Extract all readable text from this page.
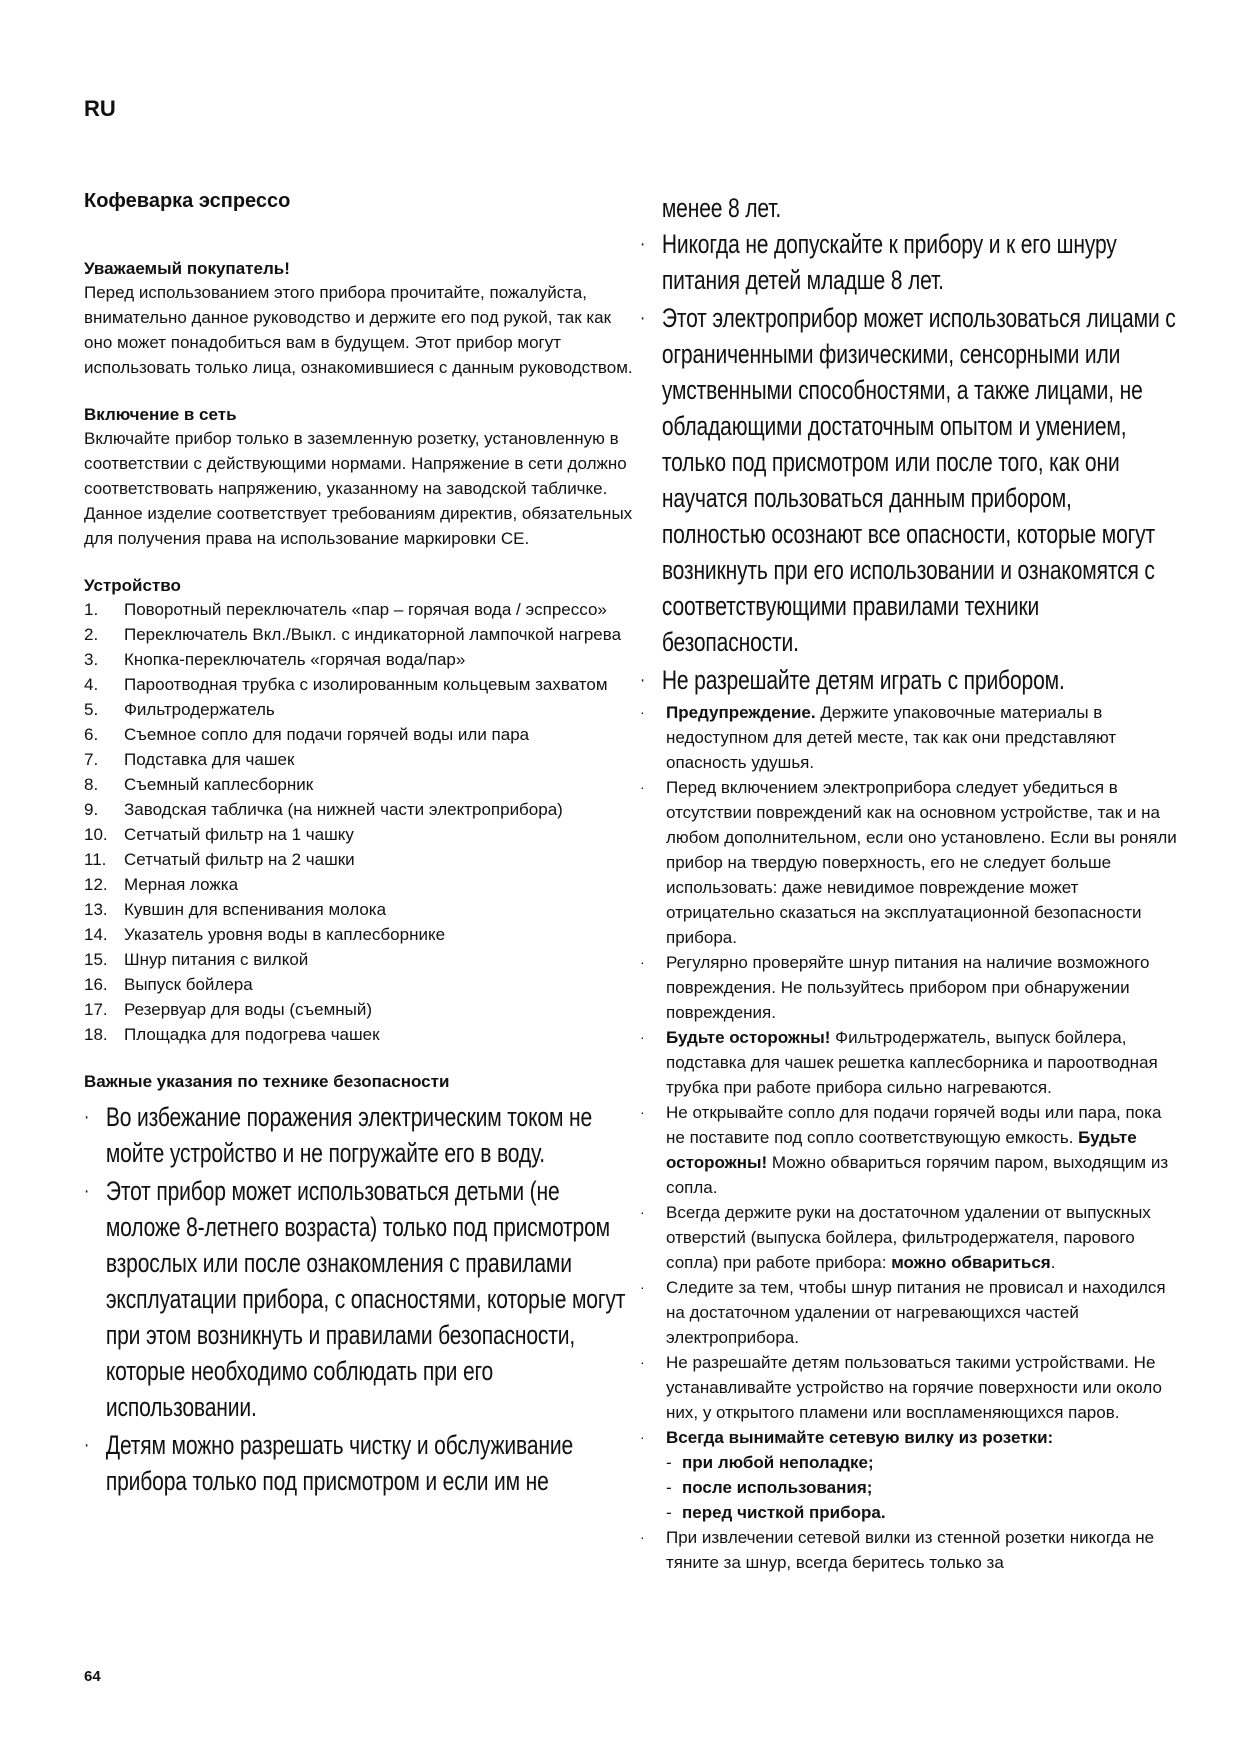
RU
Кофеварка эспрессо
Уважаемый покупатель!
Перед использованием этого прибора прочитайте, пожалуйста, внимательно данное руководство и держите его под рукой, так как оно может понадобиться вам в будущем. Этот прибор могут использовать только лица, ознакомившиеся с данным руководством.
Включение в сеть
Включайте прибор только в заземленную розетку, установленную в соответствии с действующими нормами. Напряжение в сети должно соответствовать напряжению, указанному на заводской табличке.
Данное изделие соответствует требованиям директив, обязательных для получения права на использование маркировки CE.
Устройство
1.	Поворотный переключатель «пар – горячая вода / эспрессо»
2.	Переключатель Вкл./Выкл. с индикаторной лампочкой нагрева
3.	Кнопка-переключатель «горячая вода/пар»
4.	Пароотводная трубка с изолированным кольцевым захватом
5.	Фильтродержатель
6.	Съемное сопло для подачи горячей воды или пара
7.	Подставка для чашек
8.	Съемный каплесборник
9.	Заводская табличка (на нижней части электроприбора)
10. Сетчатый фильтр на 1 чашку
11.	Сетчатый фильтр на 2 чашки
12. Мерная ложка
13. Кувшин для вспенивания молока
14. Указатель уровня воды в каплесборнике
15. Шнур питания с вилкой
16. Выпуск бойлера
17. Резервуар для воды (съемный)
18. Площадка для подогрева чашек
Важные указания по технике безопасности
· Во избежание поражения электрическим током не мойте устройство и не погружайте его в воду.
· Этот прибор может использоваться детьми (не моложе 8-летнего возраста) только под присмотром взрослых или после ознакомления с правилами эксплуатации прибора, с опасностями, которые могут при этом возникнуть и правилами безопасности, которые необходимо соблюдать при его использовании.
· Детям можно разрешать чистку и обслуживание прибора только под присмотром и если им не
менее 8 лет.
· Никогда не допускайте к прибору и к его шнуру питания детей младше 8 лет.
· Этот электроприбор может использоваться лицами с ограниченными физическими, сенсорными или умственными способностями, а также лицами, не обладающими достаточным опытом и умением, только под присмотром или после того, как они научатся пользоваться данным прибором, полностью осознают все опасности, которые могут возникнуть при его использовании и ознакомятся с соответствующими правилами техники безопасности.
· Не разрешайте детям играть с прибором.
·	Предупреждение. Держите упаковочные материалы в недоступном для детей месте, так как они представляют опасность удушья.
·	Перед включением электроприбора следует убедиться в отсутствии повреждений как на основном устройстве, так и на любом дополнительном, если оно установлено. Если вы роняли прибор на твердую поверхность, его не следует больше использовать: даже невидимое повреждение может отрицательно сказаться на эксплуатационной безопасности прибора.
·	Регулярно проверяйте шнур питания на наличие возможного повреждения. Не пользуйтесь прибором при обнаружении повреждения.
·	Будьте осторожны! Фильтродержатель, выпуск бойлера, подставка для чашек решетка каплесборника и пароотводная трубка при работе прибора сильно нагреваются.
·	Не открывайте сопло для подачи горячей воды или пара, пока не поставите под сопло соответствующую емкость. Будьте осторожны! Можно обвариться горячим паром, выходящим из сопла.
·	Всегда держите руки на достаточном удалении от выпускных отверстий (выпуска бойлера, фильтродержателя, парового сопла) при работе прибора: можно обвариться.
·	Следите за тем, чтобы шнур питания не провисал и находился на достаточном удалении от нагревающихся частей электроприбора.
·	Не разрешайте детям пользоваться такими устройствами. Не устанавливайте устройство на горячие поверхности или около них, у открытого пламени или воспламеняющихся паров.
·	Всегда вынимайте сетевую вилку из розетки:
- при любой неполадке;
- после использования;
- перед чисткой прибора.
·	При извлечении сетевой вилки из стенной розетки никогда не тяните за шнур, всегда беритесь только за
64
